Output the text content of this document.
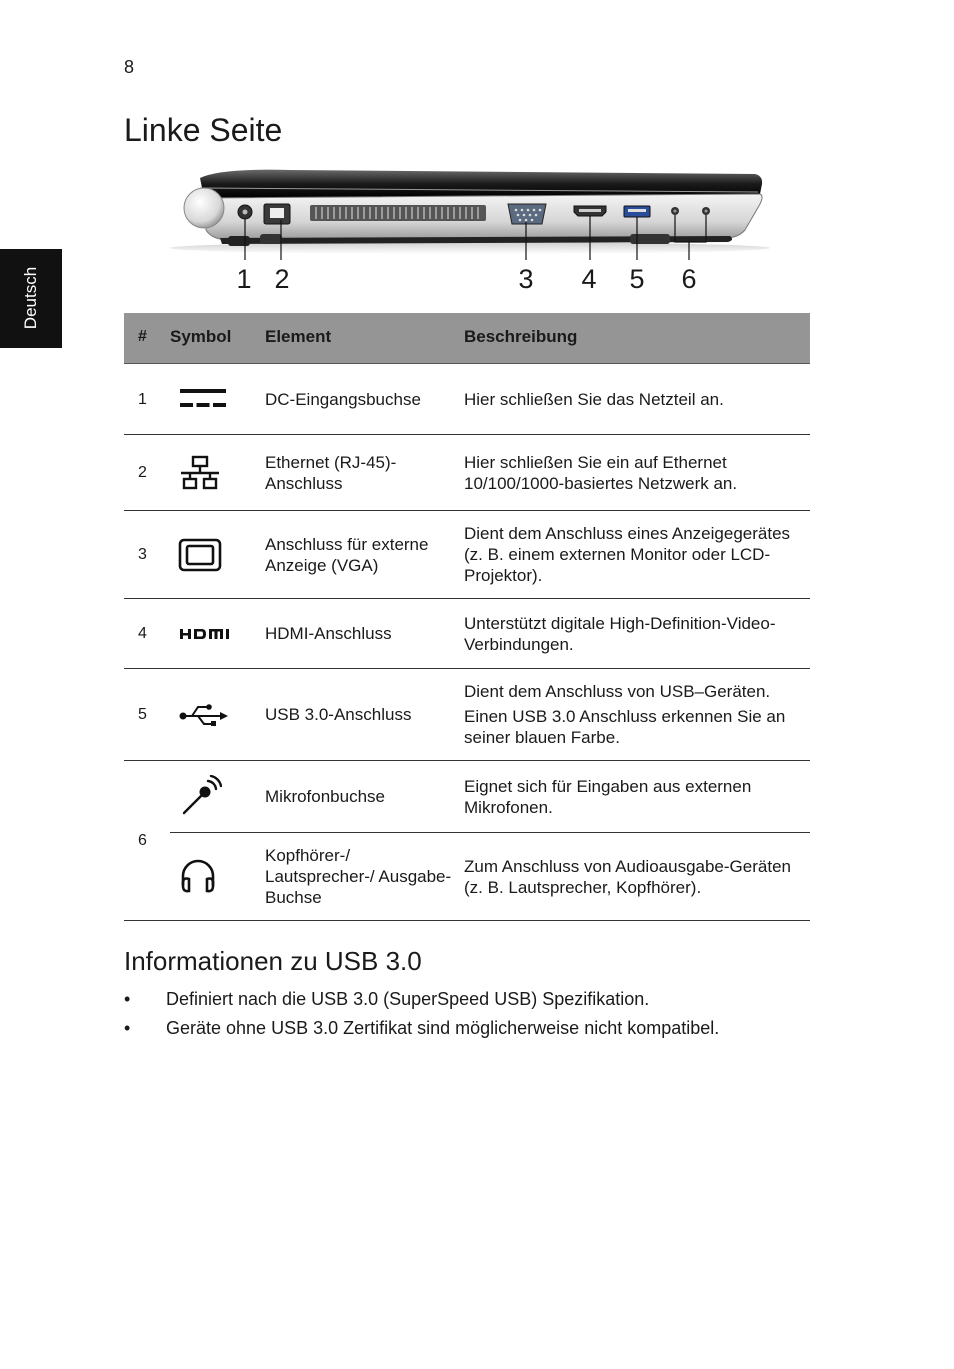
8
Deutsch
Linke Seite
1 2	3 4 5 6
#	Symbol	Element	Beschreibung
1		DC-Eingangsbuchse	Hier schließen Sie das Netzteil an.

2		Ethernet (RJ-45)-Anschluss	Hier schließen Sie ein auf Ethernet 10/100/1000-basiertes Netzwerk an.

3		Anschluss für externe Anzeige (VGA)	Dient dem Anschluss eines Anzeigegerätes (z. B. einem externen Monitor oder LCD-Projektor).

4		HDMI-Anschluss	Unterstützt digitale High-Definition-Video-Verbindungen.

5		USB 3.0-Anschluss	Dient dem Anschluss von USB–Geräten.

Einen USB 3.0 Anschluss erkennen Sie an seiner blauen Farbe.

6		Mikrofonbuchse	Eignet sich für Eingaben aus externen Mikrofonen.

	Kopfhörer-/ Lautsprecher-/ Ausgabe-Buchse	Zum Anschluss von Audioausgabe-Geräten (z. B. Lautsprecher, Kopfhörer).

Informationen zu USB 3.0
• Definiert nach die USB 3.0 (SuperSpeed USB) Spezifikation.
• Geräte ohne USB 3.0 Zertifikat sind möglicherweise nicht kompatibel.
